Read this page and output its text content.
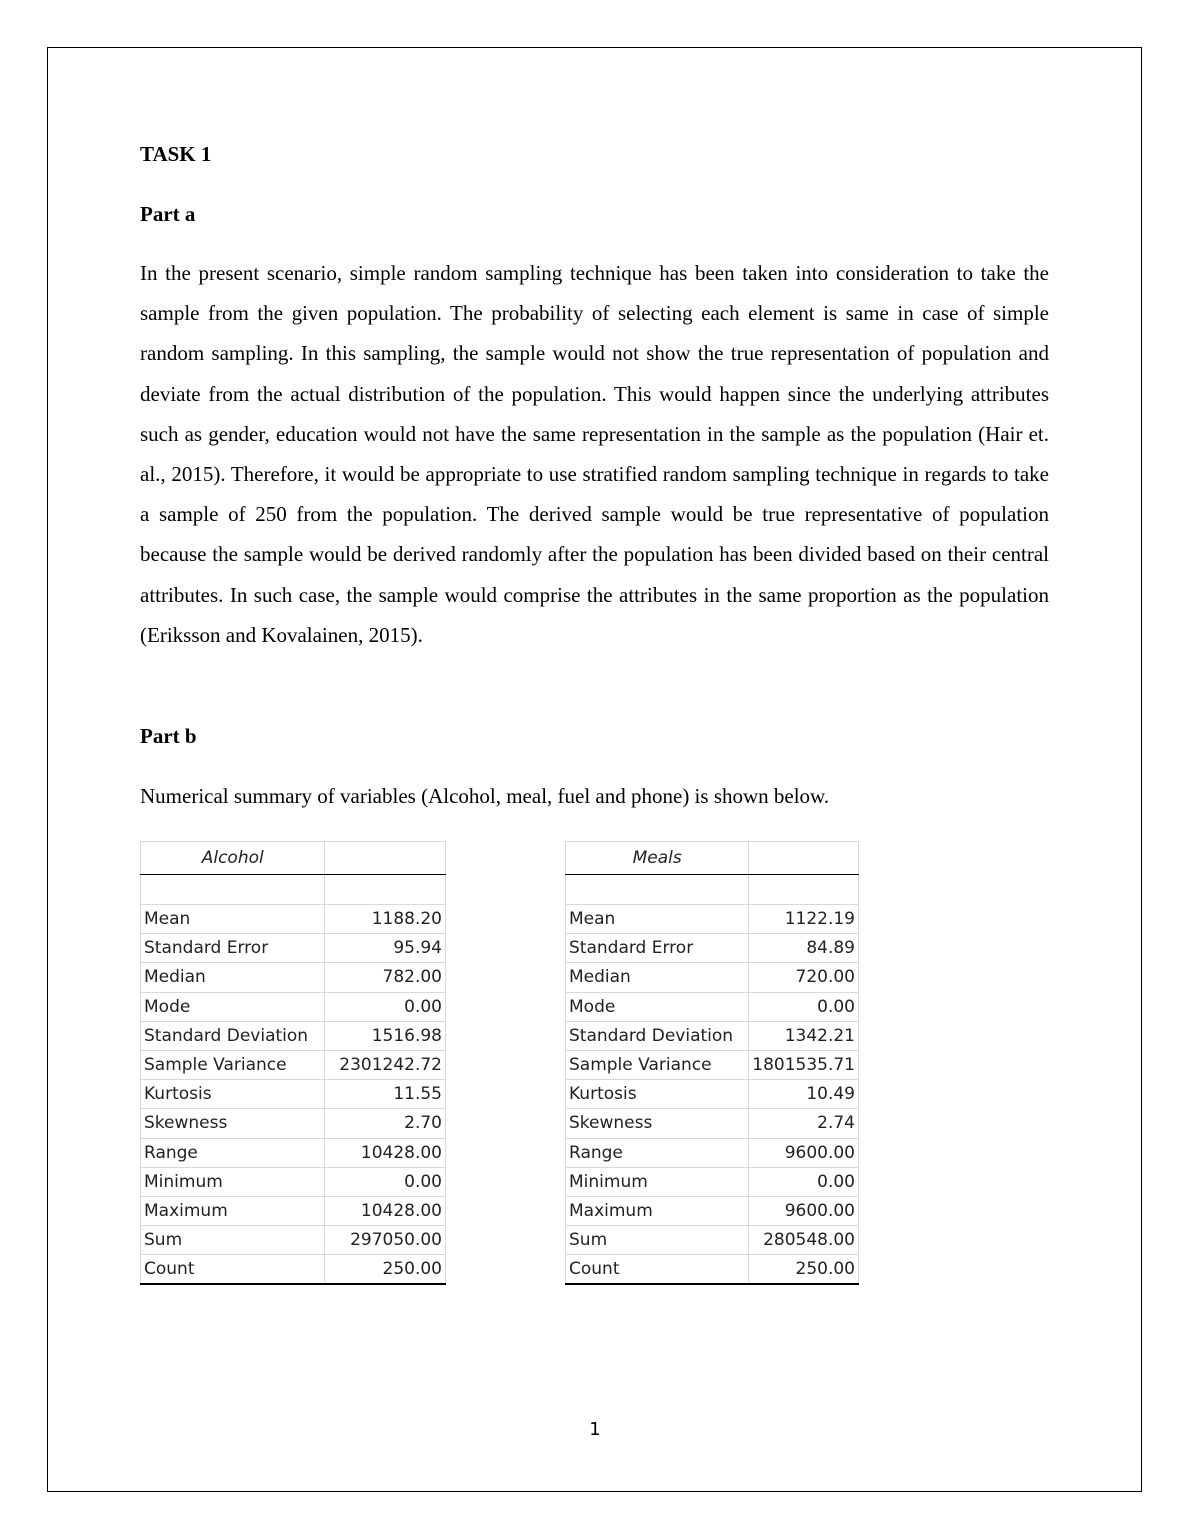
TASK 1
Part a

In the present scenario, simple random sampling technique has been taken into consideration to take the sample from the given population. The probability of selecting each element is same in case of simple random sampling. In this sampling, the sample would not show the true representation of population and deviate from the actual distribution of the population. This would happen since the underlying attributes such as gender, education would not have the same representation in the sample as the population (Hair et. al., 2015). Therefore, it would be appropriate to use stratified random sampling technique in regards to take a sample of 250 from the population. The derived sample would be true representative of population because the sample would be derived randomly after the population has been divided based on their central attributes. In such case, the sample would comprise the attributes in the same proportion as the population (Eriksson and Kovalainen, 2015).

Part b

Numerical summary of variables (Alcohol, meal, fuel and phone) is shown below.

Alcohol	

Mean	1188.20
Standard Error	95.94
Median	782.00
Mode	0.00
Standard Deviation	1516.98
Sample Variance	2301242.72
Kurtosis	11.55
Skewness	2.70
Range	10428.00
Minimum	0.00
Maximum	10428.00
Sum	297050.00
Count	250.00
Meals	

Mean	1122.19
Standard Error	84.89
Median	720.00
Mode	0.00
Standard Deviation	1342.21
Sample Variance	1801535.71
Kurtosis	10.49
Skewness	2.74
Range	9600.00
Minimum	0.00
Maximum	9600.00
Sum	280548.00
Count	250.00
1
